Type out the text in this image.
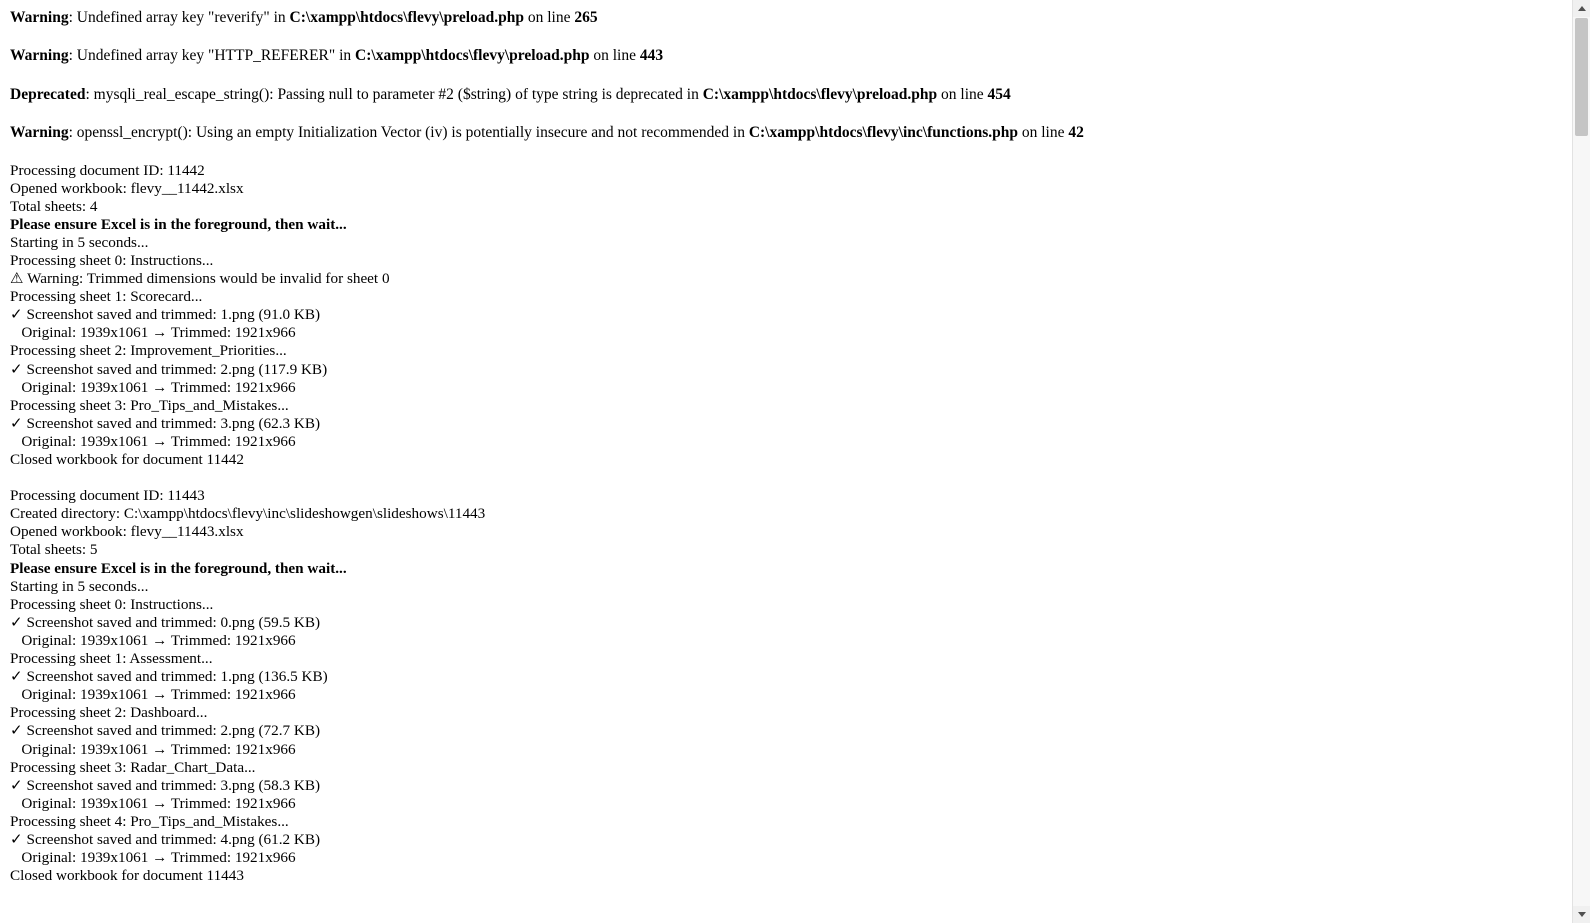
Warning: Undefined array key "reverify" in C:\xampp\htdocs\flevy\preload.php on line 265

Warning: Undefined array key "HTTP_REFERER" in C:\xampp\htdocs\flevy\preload.php on line 443

Deprecated: mysqli_real_escape_string(): Passing null to parameter #2 ($string) of type string is deprecated in C:\xampp\htdocs\flevy\preload.php on line 454

Warning: openssl_encrypt(): Using an empty Initialization Vector (iv) is potentially insecure and not recommended in C:\xampp\htdocs\flevy\inc\functions.php on line 42

Processing document ID: 11442
Opened workbook: flevy__11442.xlsx
Total sheets: 4
Please ensure Excel is in the foreground, then wait...
Starting in 5 seconds...
Processing sheet 0: Instructions...
⚠ Warning: Trimmed dimensions would be invalid for sheet 0
Processing sheet 1: Scorecard...
✓ Screenshot saved and trimmed: 1.png (91.0 KB)
Original: 1939x1061 → Trimmed: 1921x966
Processing sheet 2: Improvement_Priorities...
✓ Screenshot saved and trimmed: 2.png (117.9 KB)
Original: 1939x1061 → Trimmed: 1921x966
Processing sheet 3: Pro_Tips_and_Mistakes...
✓ Screenshot saved and trimmed: 3.png (62.3 KB)
Original: 1939x1061 → Trimmed: 1921x966
Closed workbook for document 11442

Processing document ID: 11443
Created directory: C:\xampp\htdocs\flevy\inc\slideshowgen\slideshows\11443
Opened workbook: flevy__11443.xlsx
Total sheets: 5
Please ensure Excel is in the foreground, then wait...
Starting in 5 seconds...
Processing sheet 0: Instructions...
✓ Screenshot saved and trimmed: 0.png (59.5 KB)
Original: 1939x1061 → Trimmed: 1921x966
Processing sheet 1: Assessment...
✓ Screenshot saved and trimmed: 1.png (136.5 KB)
Original: 1939x1061 → Trimmed: 1921x966
Processing sheet 2: Dashboard...
✓ Screenshot saved and trimmed: 2.png (72.7 KB)
Original: 1939x1061 → Trimmed: 1921x966
Processing sheet 3: Radar_Chart_Data...
✓ Screenshot saved and trimmed: 3.png (58.3 KB)
Original: 1939x1061 → Trimmed: 1921x966
Processing sheet 4: Pro_Tips_and_Mistakes...
✓ Screenshot saved and trimmed: 4.png (61.2 KB)
Original: 1939x1061 → Trimmed: 1921x966
Closed workbook for document 11443
